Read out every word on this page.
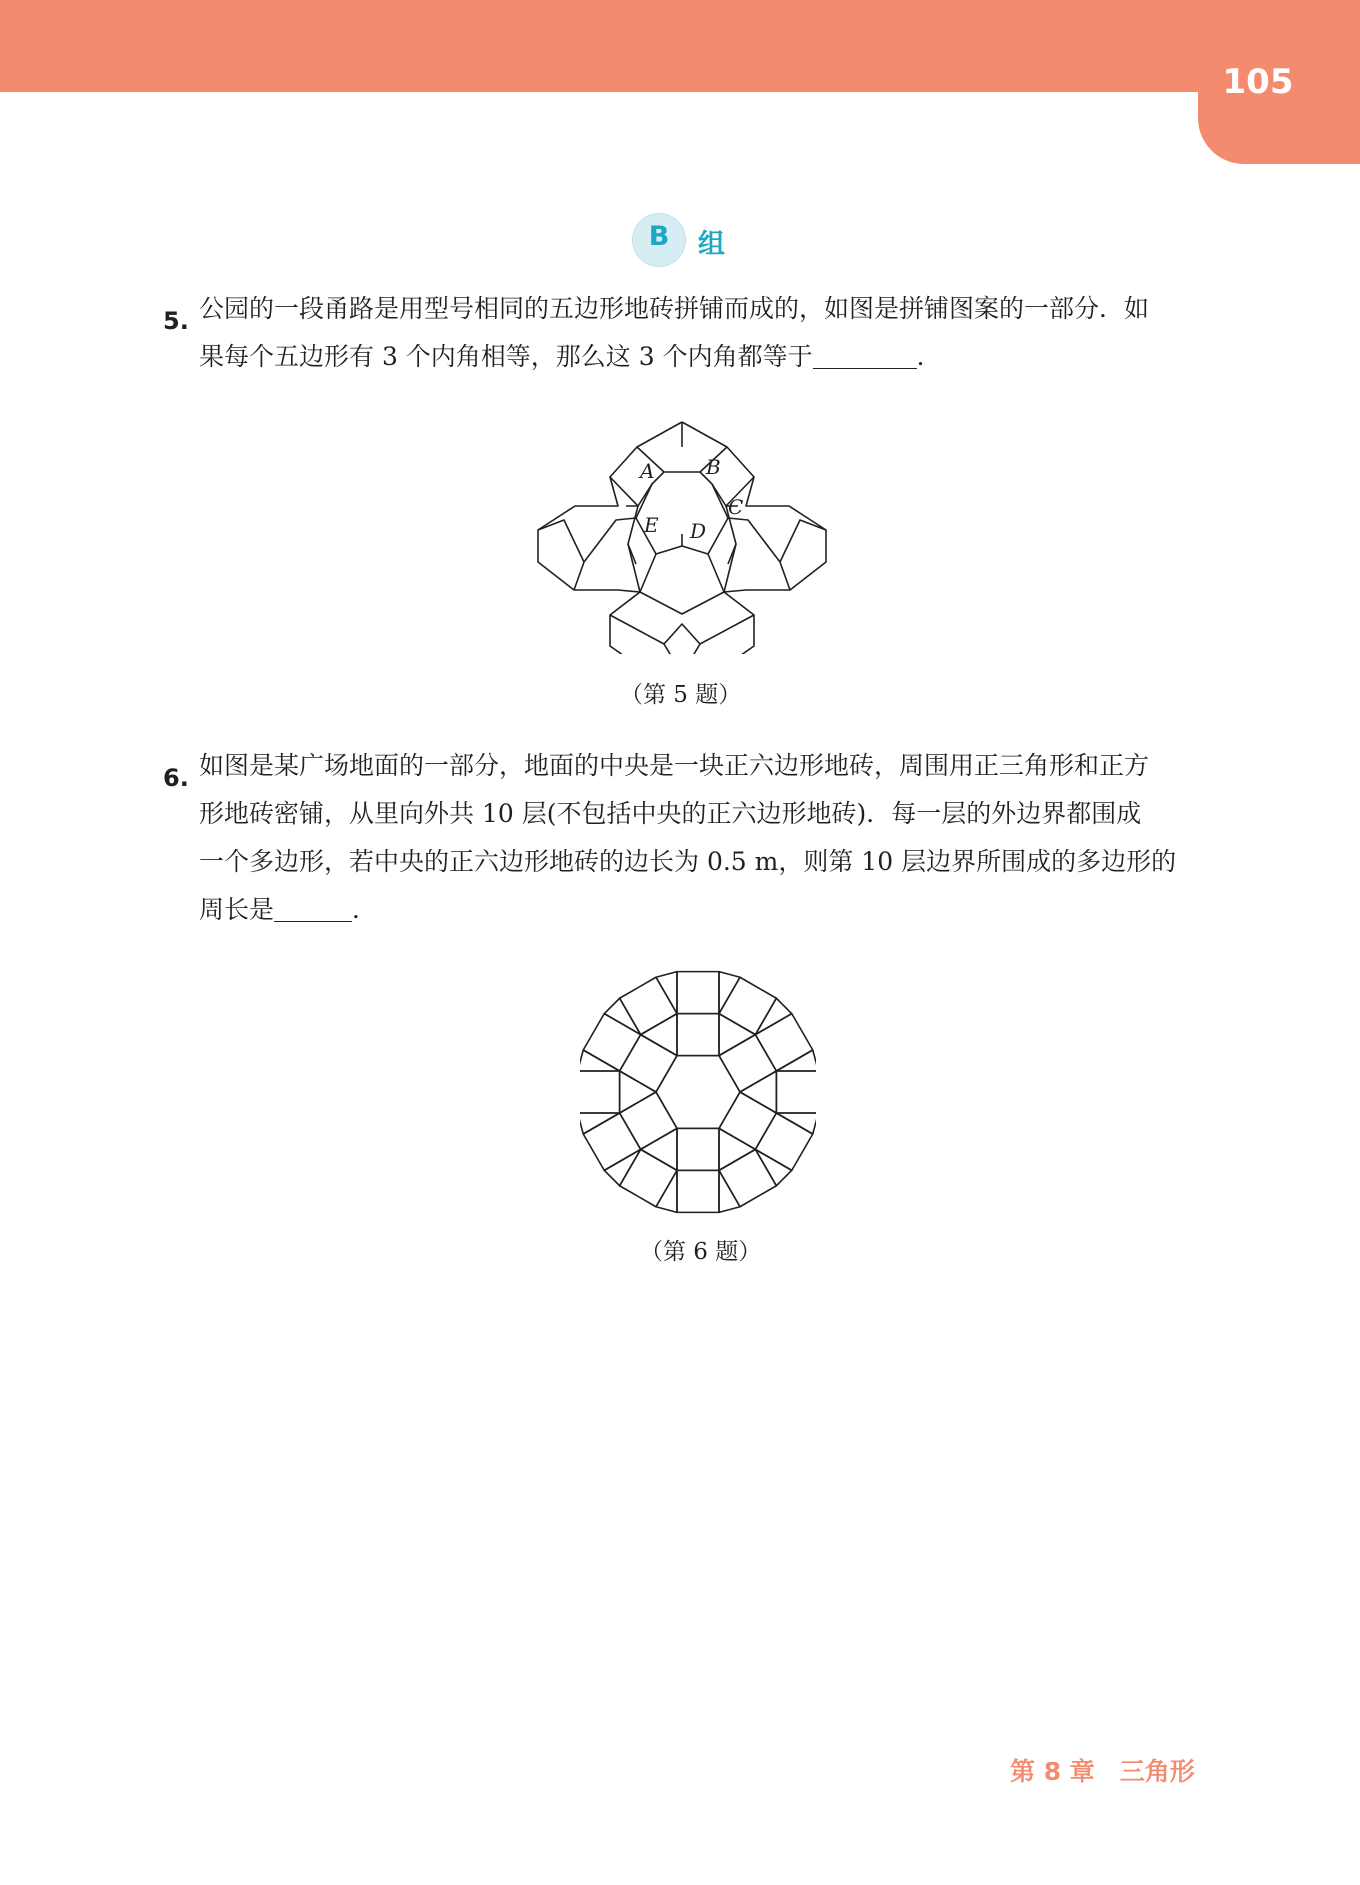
105
B	组
5. 公园的一段甬路是用型号相同的五边形地砖拼铺而成的，如图是拼铺图案的一部分．如
果每个五边形有 3 个内角相等，那么这 3 个内角都等于	．
A	B
C
D
E
（第 5 题）
6. 如图是某广场地面的一部分，地面的中央是一块正六边形地砖，周围用正三角形和正方
形地砖密铺，从里向外共 10 层(不包括中央的正六边形地砖)．每一层的外边界都围成
一个多边形，若中央的正六边形地砖的边长为 0.5 m，则第 10 层边界所围成的多边形的
周长是	．
（第 6 题）
第 8 章　三角形
